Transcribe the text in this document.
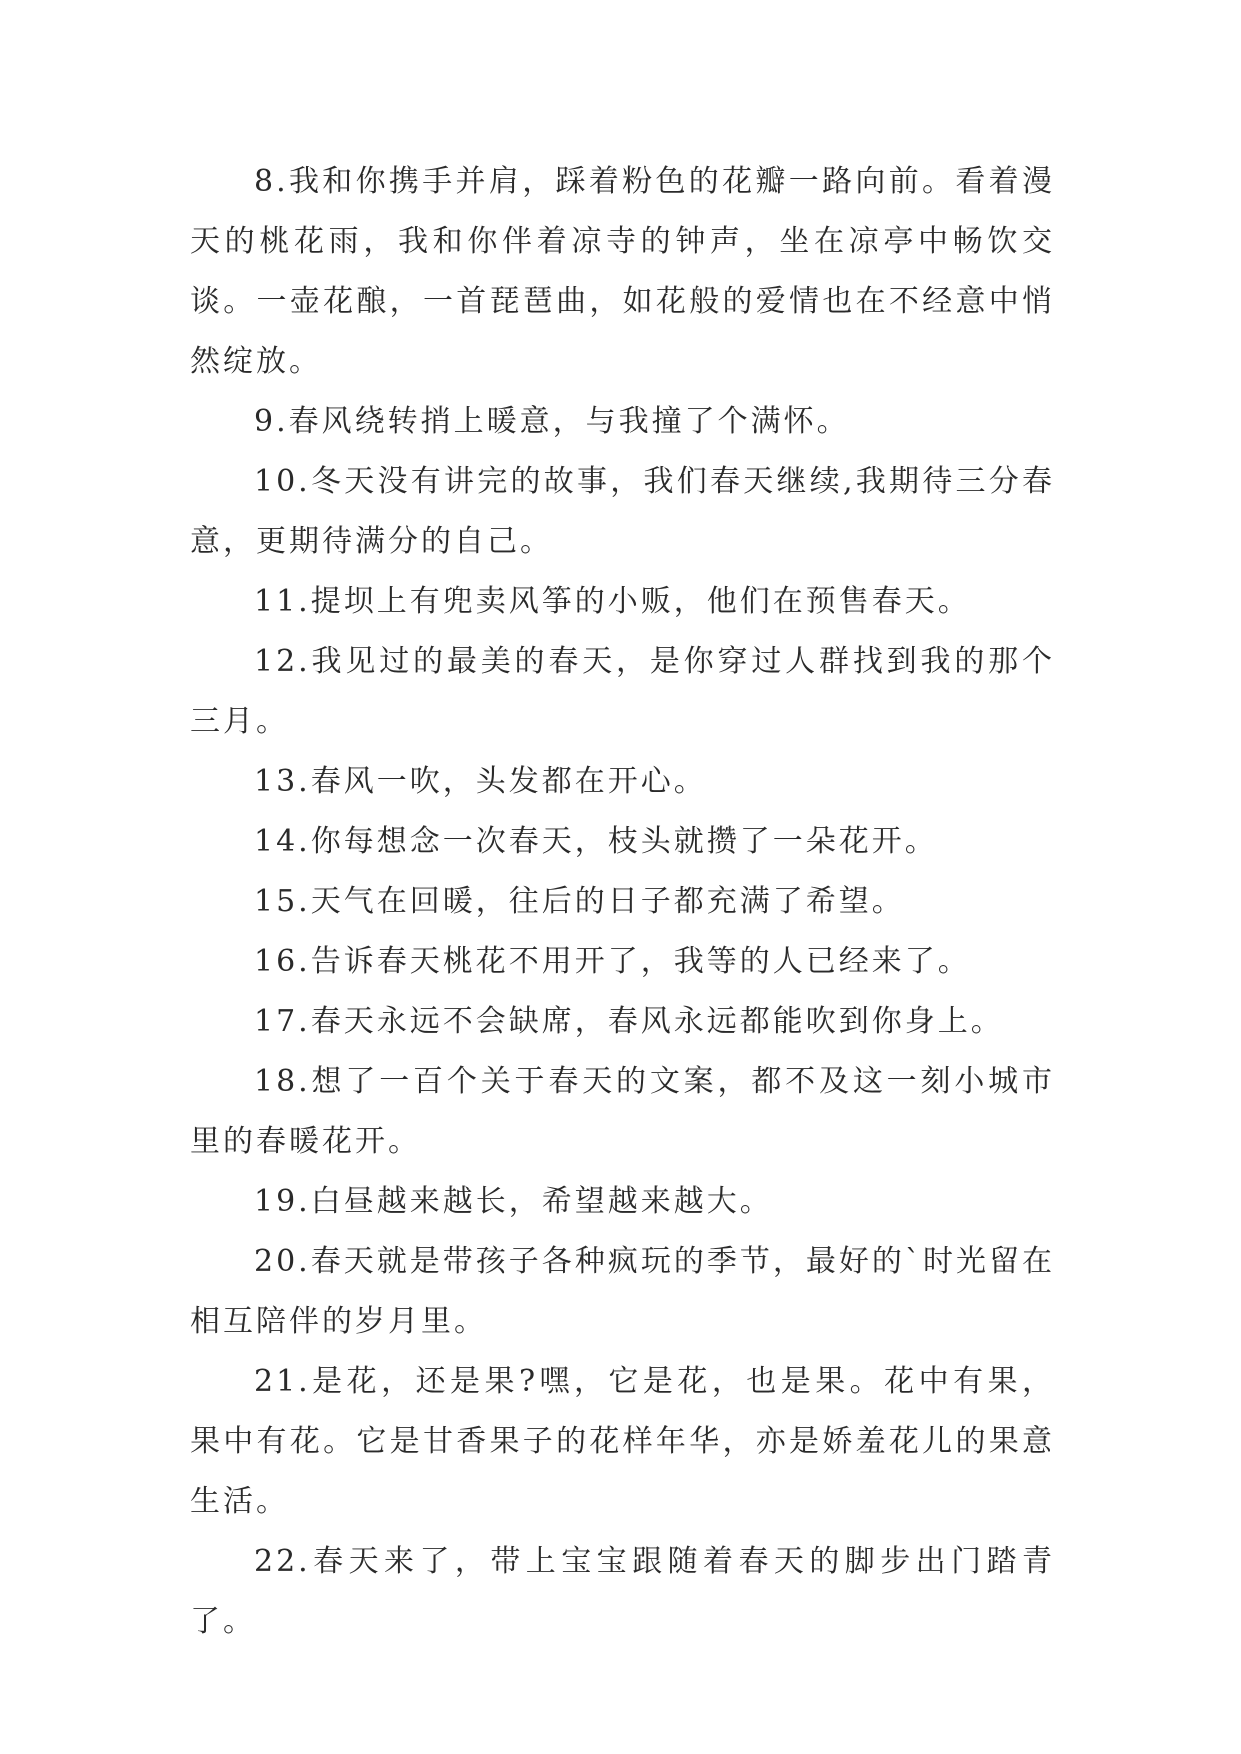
8.我和你携手并肩，踩着粉色的花瓣一路向前。看着漫天的桃花雨，我和你伴着凉寺的钟声，坐在凉亭中畅饮交谈。一壶花酿，一首琵琶曲，如花般的爱情也在不经意中悄然绽放。

9.春风绕转捎上暖意，与我撞了个满怀。

10.冬天没有讲完的故事，我们春天继续,我期待三分春意，更期待满分的自己。

11.提坝上有兜卖风筝的小贩，他们在预售春天。

12.我见过的最美的春天，是你穿过人群找到我的那个三月。

13.春风一吹，头发都在开心。

14.你每想念一次春天，枝头就攒了一朵花开。

15.天气在回暖，往后的日子都充满了希望。

16.告诉春天桃花不用开了，我等的人已经来了。

17.春天永远不会缺席，春风永远都能吹到你身上。

18.想了一百个关于春天的文案，都不及这一刻小城市里的春暖花开。

19.白昼越来越长，希望越来越大。

20.春天就是带孩子各种疯玩的季节，最好的`时光留在相互陪伴的岁月里。

21.是花，还是果?嘿，它是花，也是果。花中有果，果中有花。它是甘香果子的花样年华，亦是娇羞花儿的果意生活。

22.春天来了，带上宝宝跟随着春天的脚步出门踏青了。
